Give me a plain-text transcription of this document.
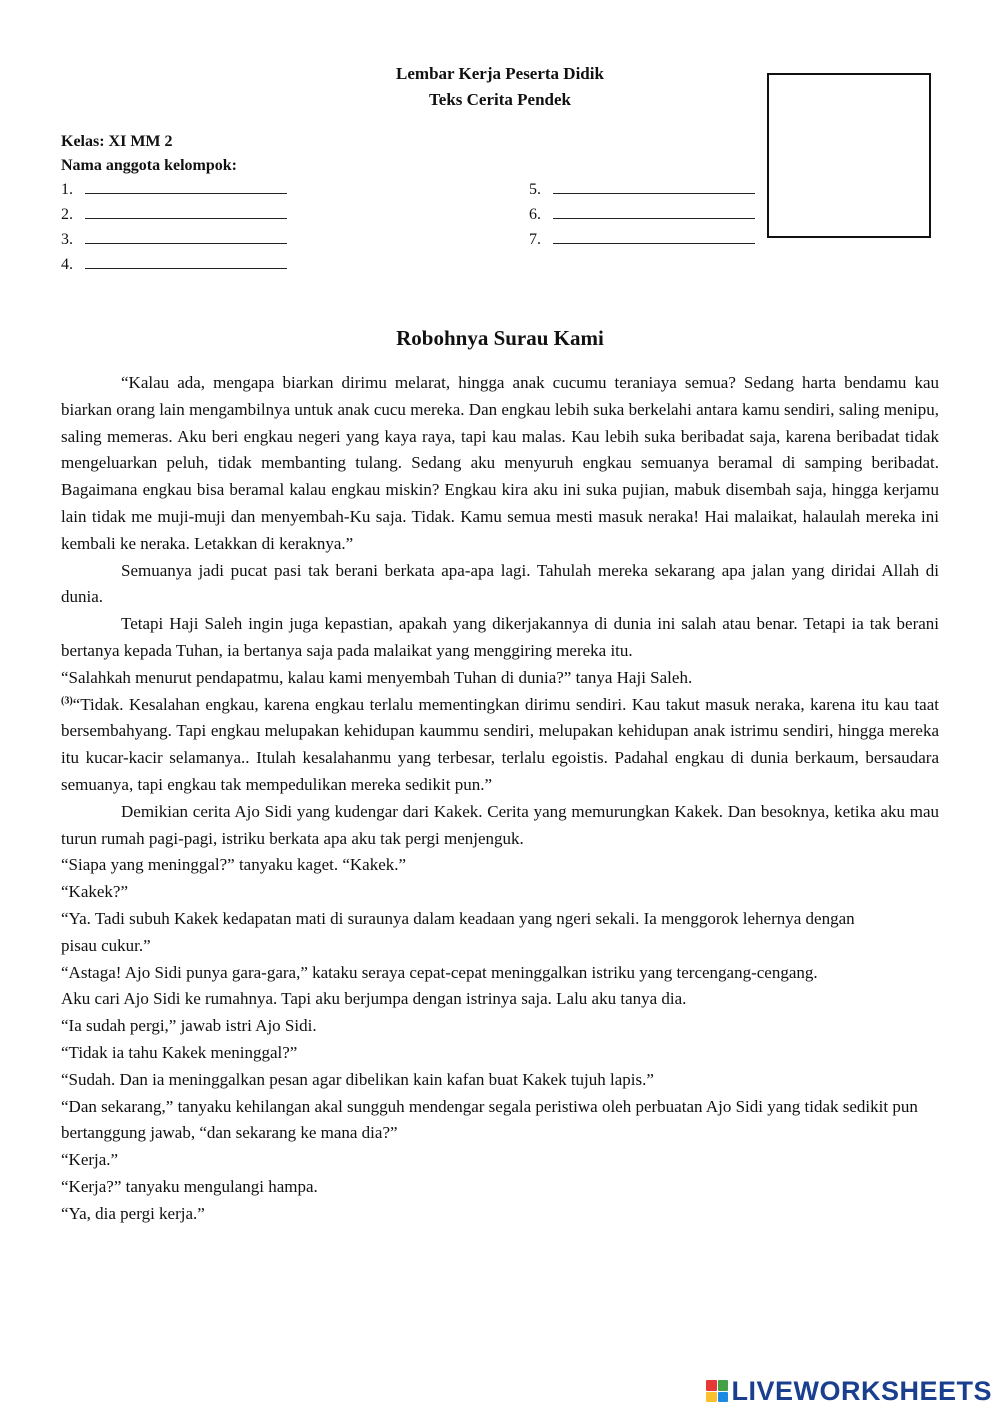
Lembar Kerja Peserta Didik
Teks Cerita Pendek
Kelas: XI MM 2
Nama anggota kelompok:
1.
2.
3.
4.
5.
6.
7.
Robohnya Surau Kami

“Kalau ada, mengapa biarkan dirimu melarat, hingga anak cucumu teraniaya semua? Sedang harta bendamu kau biarkan orang lain mengambilnya untuk anak cucu mereka. Dan engkau lebih suka berkelahi antara kamu sendiri, saling menipu, saling memeras. Aku beri engkau negeri yang kaya raya, tapi kau malas. Kau lebih suka beribadat saja, karena beribadat tidak mengeluarkan peluh, tidak membanting tulang. Sedang aku menyuruh engkau semuanya beramal di samping beribadat. Bagaimana engkau bisa beramal kalau engkau miskin? Engkau kira aku ini suka pujian, mabuk disembah saja, hingga kerjamu lain tidak me muji-muji dan menyembah-Ku saja. Tidak. Kamu semua mesti masuk neraka! Hai malaikat, halaulah mereka ini kembali ke neraka. Letakkan di keraknya.”

Semuanya jadi pucat pasi tak berani berkata apa-apa lagi. Tahulah mereka sekarang apa jalan yang diridai Allah di dunia.

Tetapi Haji Saleh ingin juga kepastian, apakah yang dikerjakannya di dunia ini salah atau benar. Tetapi ia tak berani bertanya kepada Tuhan, ia bertanya saja pada malaikat yang menggiring mereka itu.

“Salahkah menurut pendapatmu, kalau kami menyembah Tuhan di dunia?” tanya Haji Saleh.

$^{(3)}$“Tidak. Kesalahan engkau, karena engkau terlalu mementingkan dirimu sendiri. Kau takut masuk neraka, karena itu kau taat bersembahyang. Tapi engkau melupakan kehidupan kaummu sendiri, melupakan kehidupan anak istrimu sendiri, hingga mereka itu kucar-kacir selamanya.. Itulah kesalahanmu yang terbesar, terlalu egoistis. Padahal engkau di dunia berkaum, bersaudara semuanya, tapi engkau tak mempedulikan mereka sedikit pun.”

Demikian cerita Ajo Sidi yang kudengar dari Kakek. Cerita yang memurungkan Kakek. Dan besoknya, ketika aku mau turun rumah pagi-pagi, istriku berkata apa aku tak pergi menjenguk.

“Siapa yang meninggal?” tanyaku kaget. “Kakek.”

“Kakek?”

“Ya. Tadi subuh Kakek kedapatan mati di suraunya dalam keadaan yang ngeri sekali. Ia menggorok lehernya dengan pisau cukur.”

“Astaga! Ajo Sidi punya gara-gara,” kataku seraya cepat-cepat meninggalkan istriku yang tercengang-cengang.

Aku cari Ajo Sidi ke rumahnya. Tapi aku berjumpa dengan istrinya saja. Lalu aku tanya dia.

“Ia sudah pergi,” jawab istri Ajo Sidi.

“Tidak ia tahu Kakek meninggal?”

“Sudah. Dan ia meninggalkan pesan agar dibelikan kain kafan buat Kakek tujuh lapis.”

“Dan sekarang,” tanyaku kehilangan akal sungguh mendengar segala peristiwa oleh perbuatan Ajo Sidi yang tidak sedikit pun bertanggung jawab, “dan sekarang ke mana dia?”

“Kerja.”

“Kerja?” tanyaku mengulangi hampa.

“Ya, dia pergi kerja.”

LIVEWORKSHEETS
